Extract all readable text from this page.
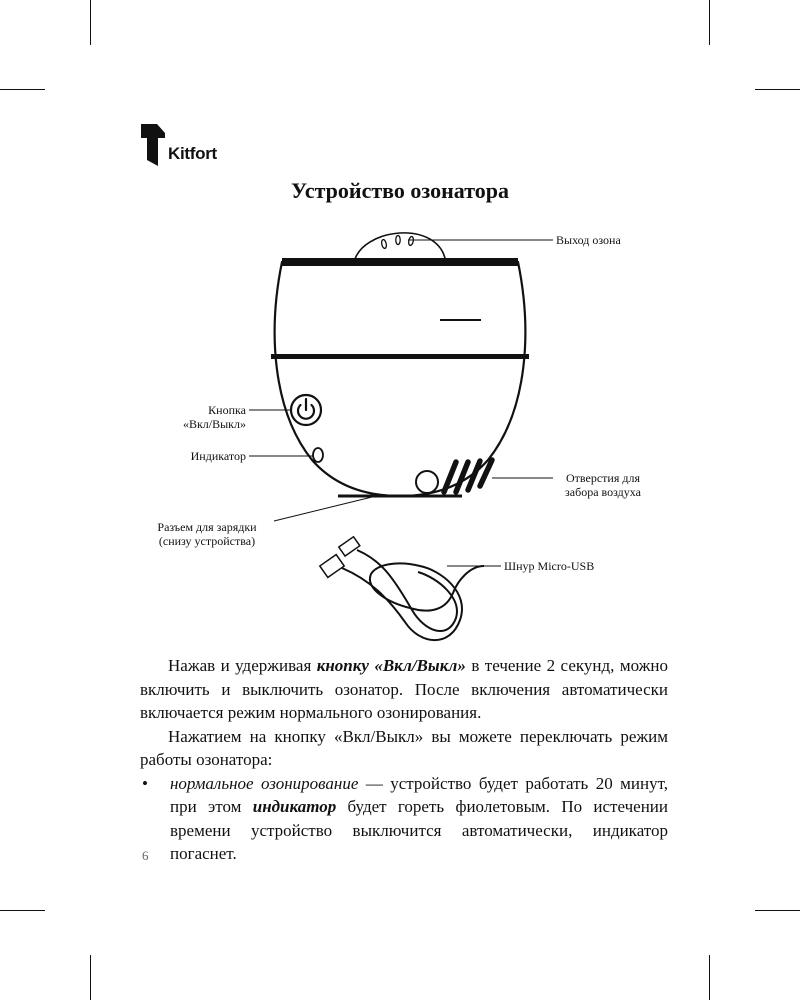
Kitfort
Устройство озонатора
Выход озона
Кнопка
«Вкл/Выкл»
Индикатор
Отверстия для
забора воздуха
Разъем для зарядки
(снизу устройства)
Шнур Micro-USB

Нажав и удерживая кнопку «Вкл/Выкл» в течение 2 секунд, можно включить и выключить озонатор. После включения автоматически включается режим нормального озонирования.

Нажатием на кнопку «Вкл/Выкл» вы можете переключать режим работы озонатора:

• нормальное озонирование — устройство будет работать 20 минут, при этом индикатор будет гореть фиолетовым. По истечении времени устройство выключится автоматически, индикатор погаснет.
6
